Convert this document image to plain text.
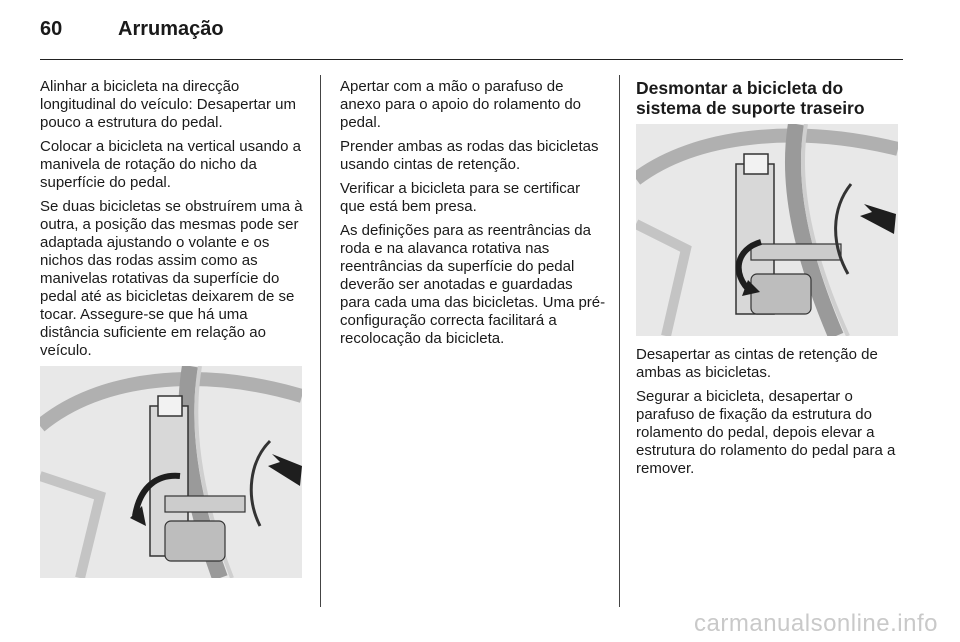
60	Arrumação

Alinhar a bicicleta na direcção longitudinal do veículo: Desapertar um pouco a estrutura do pedal.

Colocar a bicicleta na vertical usando a manivela de rotação do nicho da superfície do pedal.

Se duas bicicletas se obstruírem uma à outra, a posição das mesmas pode ser adaptada ajustando o volante e os nichos das rodas assim como as manivelas rotativas da superfície do pedal até as bicicletas deixarem de se tocar. Assegure-se que há uma distância suficiente em relação ao veículo.

Apertar com a mão o parafuso de anexo para o apoio do rolamento do pedal.

Prender ambas as rodas das bicicletas usando cintas de retenção.

Verificar a bicicleta para se certificar que está bem presa.

As definições para as reentrâncias da roda e na alavanca rotativa nas reentrâncias da superfície do pedal deverão ser anotadas e guardadas para cada uma das bicicletas. Uma pré-configuração correcta facilitará a recolocação da bicicleta.

Desmontar a bicicleta do sistema de suporte traseiro

Desapertar as cintas de retenção de ambas as bicicletas.

Segurar a bicicleta, desapertar o parafuso de fixação da estrutura do rolamento do pedal, depois elevar a estrutura do rolamento do pedal para a remover.

carmanualsonline.info
